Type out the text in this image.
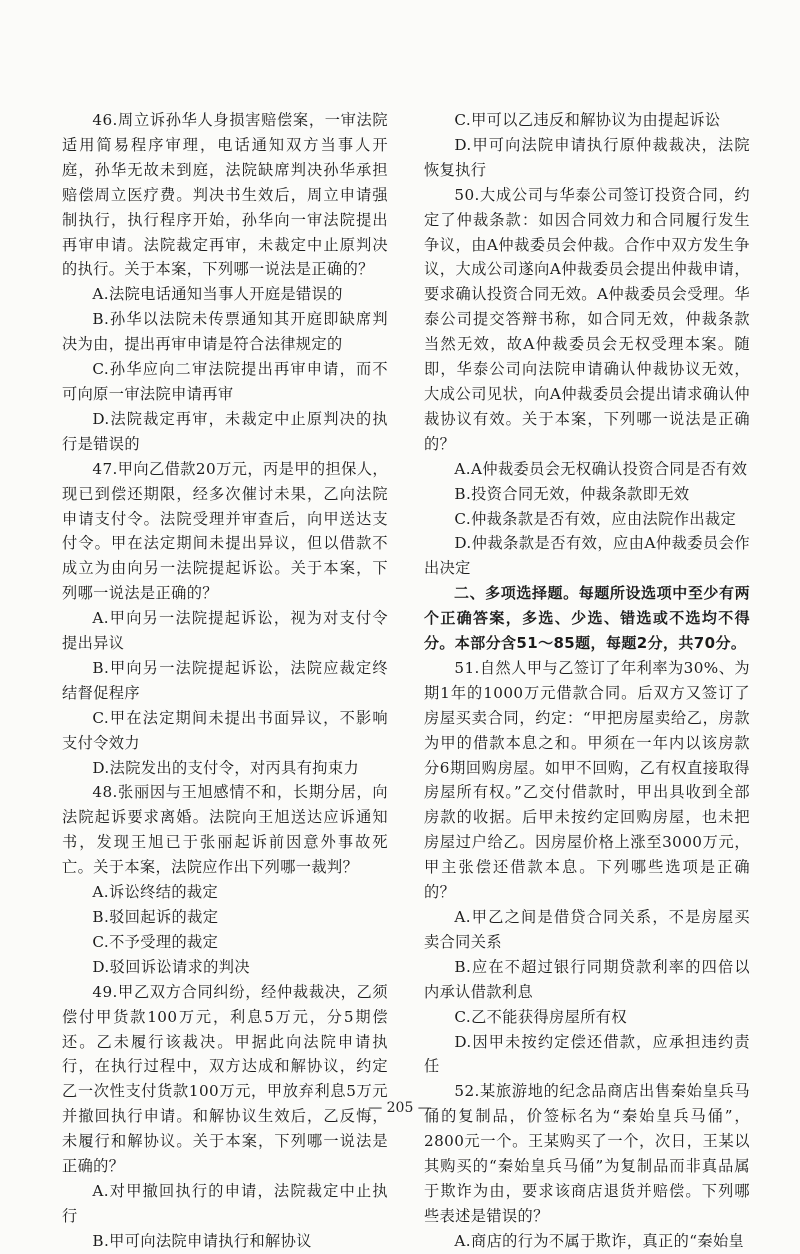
46.周立诉孙华人身损害赔偿案，一审法院适用简易程序审理，电话通知双方当事人开庭，孙华无故未到庭，法院缺席判决孙华承担赔偿周立医疗费。判决书生效后，周立申请强制执行，执行程序开始，孙华向一审法院提出再审申请。法院裁定再审，未裁定中止原判决的执行。关于本案，下列哪一说法是正确的？

A.法院电话通知当事人开庭是错误的

B.孙华以法院未传票通知其开庭即缺席判决为由，提出再审申请是符合法律规定的

C.孙华应向二审法院提出再审申请，而不可向原一审法院申请再审

D.法院裁定再审，未裁定中止原判决的执行是错误的

47.甲向乙借款20万元，丙是甲的担保人，现已到偿还期限，经多次催讨未果，乙向法院申请支付令。法院受理并审查后，向甲送达支付令。甲在法定期间未提出异议，但以借款不成立为由向另一法院提起诉讼。关于本案，下列哪一说法是正确的？

A.甲向另一法院提起诉讼，视为对支付令提出异议

B.甲向另一法院提起诉讼，法院应裁定终结督促程序

C.甲在法定期间未提出书面异议，不影响支付令效力

D.法院发出的支付令，对丙具有拘束力

48.张丽因与王旭感情不和，长期分居，向法院起诉要求离婚。法院向王旭送达应诉通知书，发现王旭已于张丽起诉前因意外事故死亡。关于本案，法院应作出下列哪一裁判？

A.诉讼终结的裁定

B.驳回起诉的裁定

C.不予受理的裁定

D.驳回诉讼请求的判决

49.甲乙双方合同纠纷，经仲裁裁决，乙须偿付甲货款100万元，利息5万元，分5期偿还。乙未履行该裁决。甲据此向法院申请执行，在执行过程中，双方达成和解协议，约定乙一次性支付货款100万元，甲放弃利息5万元并撤回执行申请。和解协议生效后，乙反悔，未履行和解协议。关于本案，下列哪一说法是正确的？

A.对甲撤回执行的申请，法院裁定中止执行

B.甲可向法院申请执行和解协议

C.甲可以乙违反和解协议为由提起诉讼

D.甲可向法院申请执行原仲裁裁决，法院恢复执行

50.大成公司与华泰公司签订投资合同，约定了仲裁条款：如因合同效力和合同履行发生争议，由A仲裁委员会仲裁。合作中双方发生争议，大成公司遂向A仲裁委员会提出仲裁申请，要求确认投资合同无效。A仲裁委员会受理。华泰公司提交答辩书称，如合同无效，仲裁条款当然无效，故A仲裁委员会无权受理本案。随即，华泰公司向法院申请确认仲裁协议无效，大成公司见状，向A仲裁委员会提出请求确认仲裁协议有效。关于本案，下列哪一说法是正确的？

A.A仲裁委员会无权确认投资合同是否有效

B.投资合同无效，仲裁条款即无效

C.仲裁条款是否有效，应由法院作出裁定

D.仲裁条款是否有效，应由A仲裁委员会作出决定

二、多项选择题。每题所设选项中至少有两个正确答案，多选、少选、错选或不选均不得分。本部分含51～85题，每题2分，共70分。

51.自然人甲与乙签订了年利率为30%、为期1年的1000万元借款合同。后双方又签订了房屋买卖合同，约定：“甲把房屋卖给乙，房款为甲的借款本息之和。甲须在一年内以该房款分6期回购房屋。如甲不回购，乙有权直接取得房屋所有权。”乙交付借款时，甲出具收到全部房款的收据。后甲未按约定回购房屋，也未把房屋过户给乙。因房屋价格上涨至3000万元，甲主张偿还借款本息。下列哪些选项是正确的？

A.甲乙之间是借贷合同关系，不是房屋买卖合同关系

B.应在不超过银行同期贷款利率的四倍以内承认借款利息

C.乙不能获得房屋所有权

D.因甲未按约定偿还借款，应承担违约责任

52.某旅游地的纪念品商店出售秦始皇兵马俑的复制品，价签标名为“秦始皇兵马俑”，2800元一个。王某购买了一个，次日，王某以其购买的“秦始皇兵马俑”为复制品而非真品属于欺诈为由，要求该商店退货并赔偿。下列哪些表述是错误的？

A.商店的行为不属于欺诈，真正的“秦始皇

— 205 —
